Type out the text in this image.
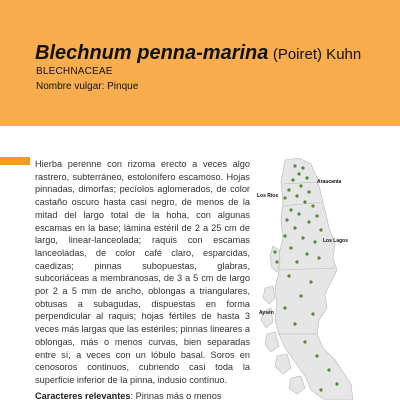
Blechnum penna-marina (Poiret) Kuhn
BLECHNACEAE
Nombre vulgar: Pinque

Hierba perenne con rizoma erecto a veces algo rastrero, subterráneo, estolonífero escamoso. Hojas pinnadas, dimorfas; pecíolos aglomerados, de color castaño oscuro hasta casi negro, de menos de la mitad del largo total de la hoha, con algunas escamas en la base; lámina estéril de 2 a 25 cm de largo, linear-lanceolada; raquis con escamas lanceoladas, de color café claro, esparcidas, caedizas; pinnas subopuestas, glabras, subcoriáceas a membranosas, de 3 a 5 cm de largo por 2 a 5 mm de ancho, oblongas a triangulares, obtusas a subagudas, dispuestas en forma perpendicular al raquis; hojas fértiles de hasta 3 veces más largas que las estériles; pinnas lineares a oblongas, más o menos curvas, bien separadas entre sí, a veces con un lóbulo basal. Soros en cenosoros continuos, cubriendo casi toda la superficie inferior de la pinna, indusio contínuo.

Caracteres relevantes: Pinnas más o menos
Araucanía
Los Ríos
Los Lagos
Aysén
